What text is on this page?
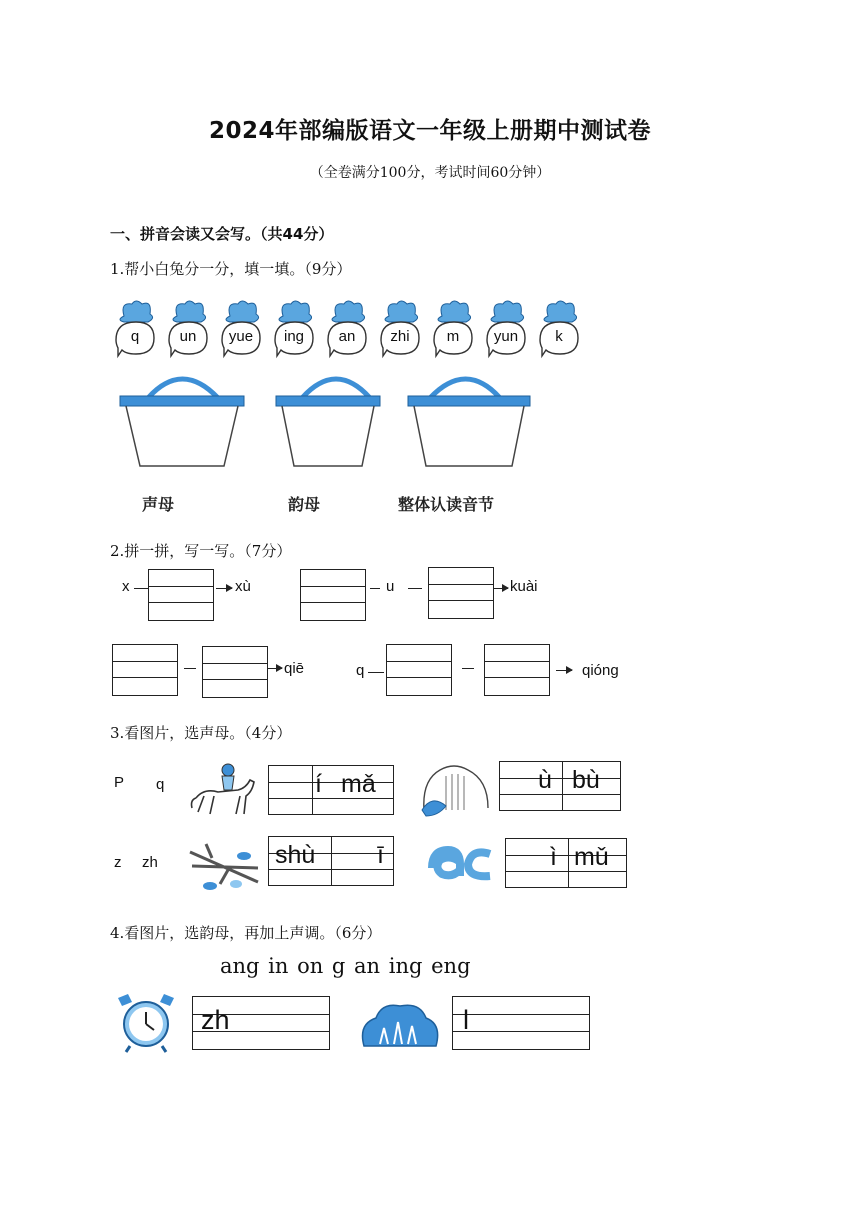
2024年部编版语文一年级上册期中测试卷
（全卷满分100分，考试时间60分钟）
一、拼音会读又会写。（共44分）
1.帮小白兔分一分，填一填。（9分）
q	un	yue	ing	an	zhi	m	yun	k
声母	韵母	整体认读音节
2.拼一拼，写一写。（7分）
x	xù	u	kuài
qiē	q	qióng
3.看图片，选声母。（4分）
P q
z zh
í mǎ	ù bù
shù ī	ì mǔ
4.看图片，选韵母，再加上声调。（6分）
ang in on g an ing eng
zh	l
